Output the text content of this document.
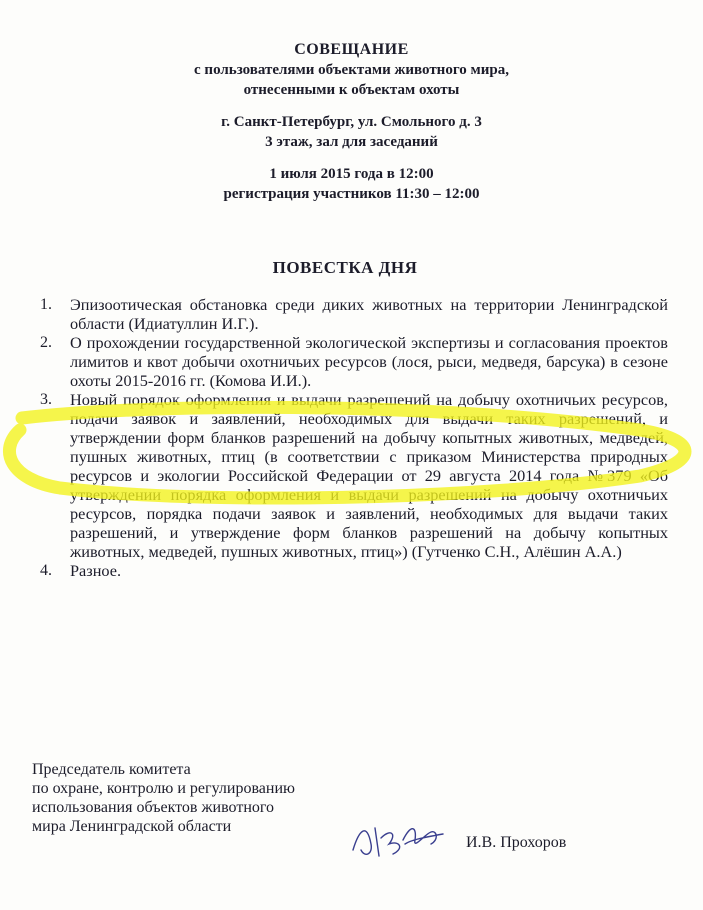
СОВЕЩАНИЕ
с пользователями объектами животного мира,
отнесенными к объектам охоты
г. Санкт-Петербург, ул. Смольного д. 3
3 этаж, зал для заседаний
1 июля 2015 года в 12:00
регистрация участников 11:30 – 12:00
ПОВЕСТКА ДНЯ
1.	Эпизоотическая обстановка среди диких животных на территории Ленинградской области (Идиатуллин И.Г.).
2.	О прохождении государственной экологической экспертизы и согласования проектов лимитов и квот добычи охотничьих ресурсов (лося, рыси, медведя, барсука) в сезоне охоты 2015-2016 гг. (Комова И.И.).
3.	Новый порядок оформления и выдачи разрешений на добычу охотничьих ресурсов, подачи заявок и заявлений, необходимых для выдачи таких разрешений, и утверждении форм бланков разрешений на добычу копытных животных, медведей, пушных животных, птиц (в соответствии с приказом Министерства природных ресурсов и экологии Российской Федерации от 29 августа 2014 года №379 «Об утверждении порядка оформления и выдачи разрешений на добычу охотничьих ресурсов, порядка подачи заявок и заявлений, необходимых для выдачи таких разрешений, и утверждение форм бланков разрешений на добычу копытных животных, медведей, пушных животных, птиц») (Гутченко С.Н., Алёшин А.А.)
4.	Разное.
Председатель комитета
по охране, контролю и регулированию
использования объектов животного
мира Ленинградской области
И.В. Прохоров
